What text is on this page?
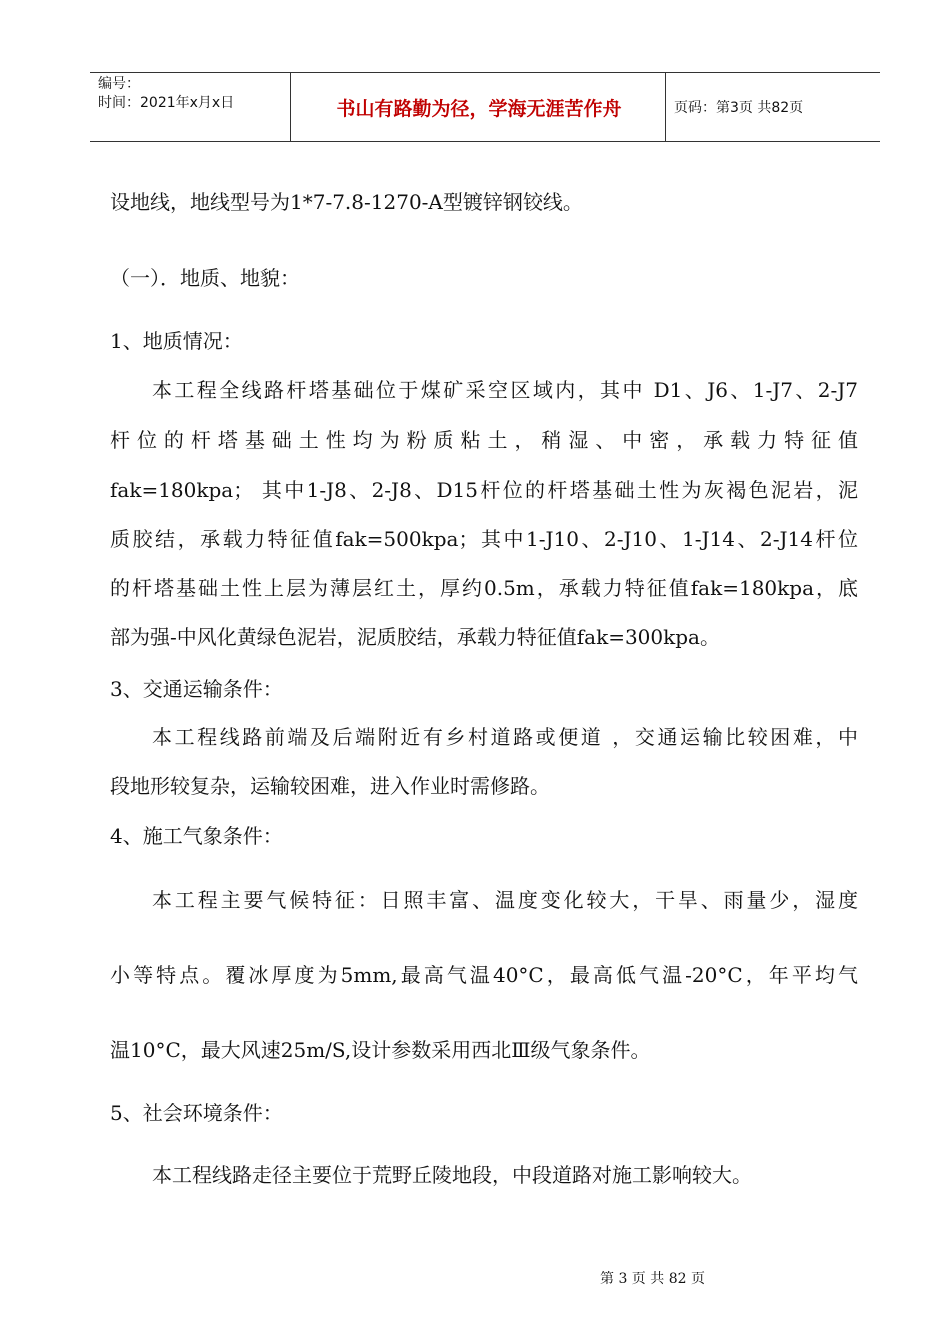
编号：
时间：2021年x月x日	书山有路勤为径，学海无涯苦作舟	页码：第3页 共82页
设地线，地线型号为1*7-7.8-1270-A型镀锌钢铰线。
（一）．地质、地貌：
1、地质情况：
本工程全线路杆塔基础位于煤矿采空区域内，其中 D1、J6、1-J7、2-J7
杆位的杆塔基础土性均为粉质粘土，稍湿、中密，承载力特征值
fak=180kpa； 其中1-J8、2-J8、D15杆位的杆塔基础土性为灰褐色泥岩，泥
质胶结，承载力特征值fak=500kpa；其中1-J10、2-J10、1-J14、2-J14杆位
的杆塔基础土性上层为薄层红土，厚约0.5m，承载力特征值fak=180kpa，底
部为强-中风化黄绿色泥岩，泥质胶结，承载力特征值fak=300kpa。
3、交通运输条件：
本工程线路前端及后端附近有乡村道路或便道 ，交通运输比较困难，中
段地形较复杂，运输较困难，进入作业时需修路。
4、施工气象条件：
本工程主要气候特征：日照丰富、温度变化较大，干旱、雨量少，湿度
小等特点。覆冰厚度为5mm,最高气温40°C，最高低气温-20°C，年平均气
温10°C，最大风速25m/S,设计参数采用西北Ⅲ级气象条件。
5、社会环境条件：
本工程线路走径主要位于荒野丘陵地段，中段道路对施工影响较大。
第 3 页 共 82 页
